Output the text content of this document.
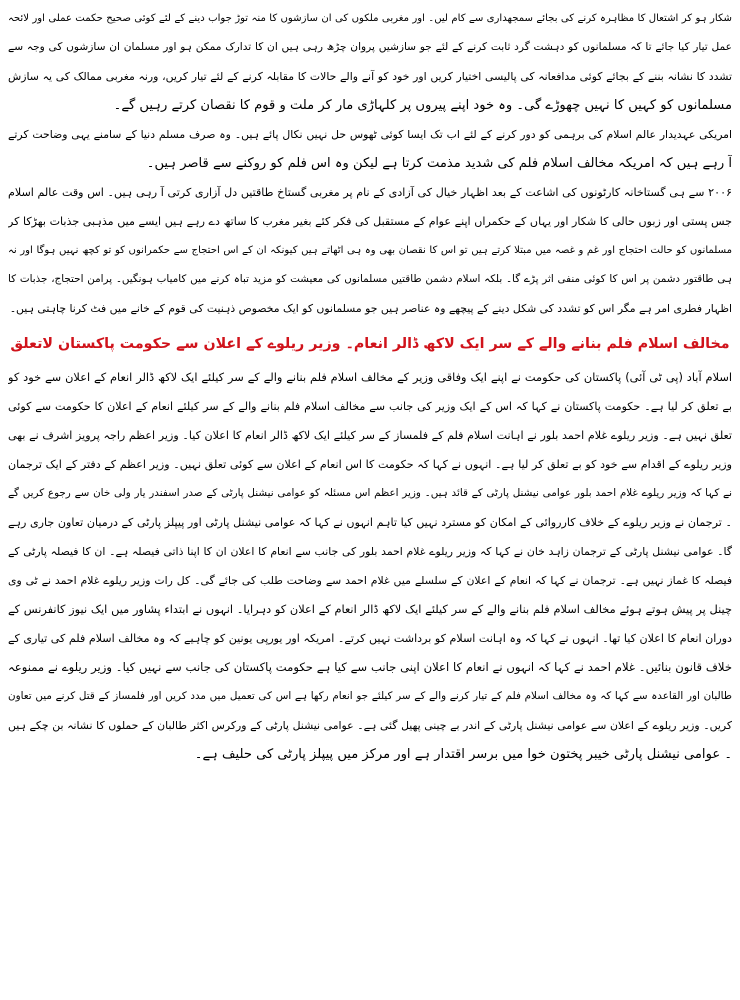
شکار ہو کر اشتعال کا مظاہرہ کرنے کی بجائے سمجھداری سے کام لیں۔ اور مغربی ملکوں کی ان سازشوں کا منہ توڑ جواب دینے کے لئے کوئی صحیح حکمت عملی اور لائحہ
عمل تیار کیا جائے تا کہ مسلمانوں کو دہشت گرد ثابت کرنے کے لئے جو سازشیں پروان چڑھ رہی ہیں ان کا تدارک ممکن ہو اور مسلمان ان سازشوں کی وجہ سے
تشدد کا نشانہ بننے کے بجائے کوئی مدافعانہ کی پالیسی اختیار کریں اور خود کو آنے والے حالات کا مقابلہ کرنے کے لئے تیار کریں، ورنہ مغربی ممالک کی یہ سازش
مسلمانوں کو کہیں کا نہیں چھوڑے گی۔ وہ خود اپنے پیروں پر کلہاڑی مار کر ملت و قوم کا نقصان کرتے رہیں گے۔
امریکی عہدیدار عالم اسلام کی برہمی کو دور کرنے کے لئے اب تک ایسا کوئی ٹھوس حل نہیں نکال پائے ہیں۔ وہ صرف مسلم دنیا کے سامنے یہی وضاحت کرتے
آ رہے ہیں کہ امریکہ مخالف اسلام فلم کی شدید مذمت کرتا ہے لیکن وہ اس فلم کو روکنے سے قاصر ہیں۔
۲۰۰۶ سے ہی گستاخانہ کارٹونوں کی اشاعت کے بعد اظہار خیال کی آزادی کے نام پر مغربی گستاخ طاقتیں دل آزاری کرتی آ رہی ہیں۔ اس وقت عالم اسلام
جس پستی اور زبوں حالی کا شکار اور یہاں کے حکمراں اپنے عوام کے مستقبل کی فکر کئے بغیر مغرب کا ساتھ دے رہے ہیں ایسے میں مذہبی جذبات بھڑکا کر
مسلمانوں کو حالت احتجاج اور غم و غصہ میں مبتلا کرتے ہیں تو اس کا نقصان بھی وہ ہی اٹھاتے ہیں کیونکہ ان کے اس احتجاج سے حکمرانوں کو تو کچھ نہیں ہوگا اور نہ
ہی طاقتور دشمن پر اس کا کوئی منفی اثر پڑے گا۔ بلکہ اسلام دشمن طاقتیں مسلمانوں کی معیشت کو مزید تباہ کرنے میں کامیاب ہونگیں۔ پرامن احتجاج، جذبات کا
اظہار فطری امر ہے مگر اس کو تشدد کی شکل دینے کے پیچھے وہ عناصر ہیں جو مسلمانوں کو ایک مخصوص ذہنیت کی قوم کے خانے میں فٹ کرنا چاہتی ہیں۔
مخالف اسلام فلم بنانے والے کے سر ایک لاکھ ڈالر انعام۔ وزیر ریلوے کے اعلان سے حکومت پاکستان لاتعلق
اسلام آباد (پی ٹی آئی) پاکستان کی حکومت نے اپنے ایک وفاقی وزیر کے مخالف اسلام فلم بنانے والے کے سر کیلئے ایک لاکھ ڈالر انعام کے اعلان سے خود کو
بے تعلق کر لیا ہے۔ حکومت پاکستان نے کہا کہ اس کے ایک وزیر کی جانب سے مخالف اسلام فلم بنانے والے کے سر کیلئے انعام کے اعلان کا حکومت سے کوئی
تعلق نہیں ہے۔ وزیر ریلوے غلام احمد بلور نے اہانت اسلام فلم کے فلمساز کے سر کیلئے ایک لاکھ ڈالر انعام کا اعلان کیا۔ وزیر اعظم راجہ پرویز اشرف نے بھی
وزیر ریلوے کے اقدام سے خود کو بے تعلق کر لیا ہے۔ انہوں نے کہا کہ حکومت کا اس انعام کے اعلان سے کوئی تعلق نہیں۔ وزیر اعظم کے دفتر کے ایک ترجمان
نے کہا کہ وزیر ریلوے غلام احمد بلور عوامی نیشنل پارٹی کے قائد ہیں۔ وزیر اعظم اس مسئلہ کو عوامی نیشنل پارٹی کے صدر اسفندر یار ولی خان سے رجوع کریں گے
۔ ترجمان نے وزیر ریلوے کے خلاف کارروائی کے امکان کو مسترد نہیں کیا تاہم انہوں نے کہا کہ عوامی نیشنل پارٹی اور پیپلز پارٹی کے درمیان تعاون جاری رہے
گا۔ عوامی نیشنل پارٹی کے ترجمان زاہد خان نے کہا کہ وزیر ریلوے غلام احمد بلور کی جانب سے انعام کا اعلان ان کا اپنا ذاتی فیصلہ ہے۔ ان کا فیصلہ پارٹی کے
فیصلہ کا غماز نہیں ہے۔ ترجمان نے کہا کہ انعام کے اعلان کے سلسلے میں غلام احمد سے وضاحت طلب کی جائے گی۔ کل رات وزیر ریلوے غلام احمد نے ٹی وی
چینل پر پیش ہوتے ہوئے مخالف اسلام فلم بنانے والے کے سر کیلئے ایک لاکھ ڈالر انعام کے اعلان کو دہرایا۔ انہوں نے ابتداء پشاور میں ایک نیوز کانفرنس کے
دوران انعام کا اعلان کیا تھا۔ انہوں نے کہا کہ وہ اہانت اسلام کو برداشت نہیں کرتے۔ امریکہ اور یورپی یونین کو چاہیے کہ وہ مخالف اسلام فلم کی تیاری کے
خلاف قانون بنائیں۔ غلام احمد نے کہا کہ انہوں نے انعام کا اعلان اپنی جانب سے کیا ہے حکومت پاکستان کی جانب سے نہیں کیا۔ وزیر ریلوے نے ممنوعہ
طالبان اور القاعدہ سے کہا کہ وہ مخالف اسلام فلم کے تیار کرنے والے کے سر کیلئے جو انعام رکھا ہے اس کی تعمیل میں مدد کریں اور فلمساز کے قتل کرنے میں تعاون
کریں۔ وزیر ریلوے کے اعلان سے عوامی نیشنل پارٹی کے اندر بے چینی پھیل گئی ہے۔ عوامی نیشنل پارٹی کے ورکرس اکثر طالبان کے حملوں کا نشانہ بن چکے ہیں
۔ عوامی نیشنل پارٹی خیبر پختون خوا میں برسر اقتدار ہے اور مرکز میں پیپلز پارٹی کی حلیف ہے۔
